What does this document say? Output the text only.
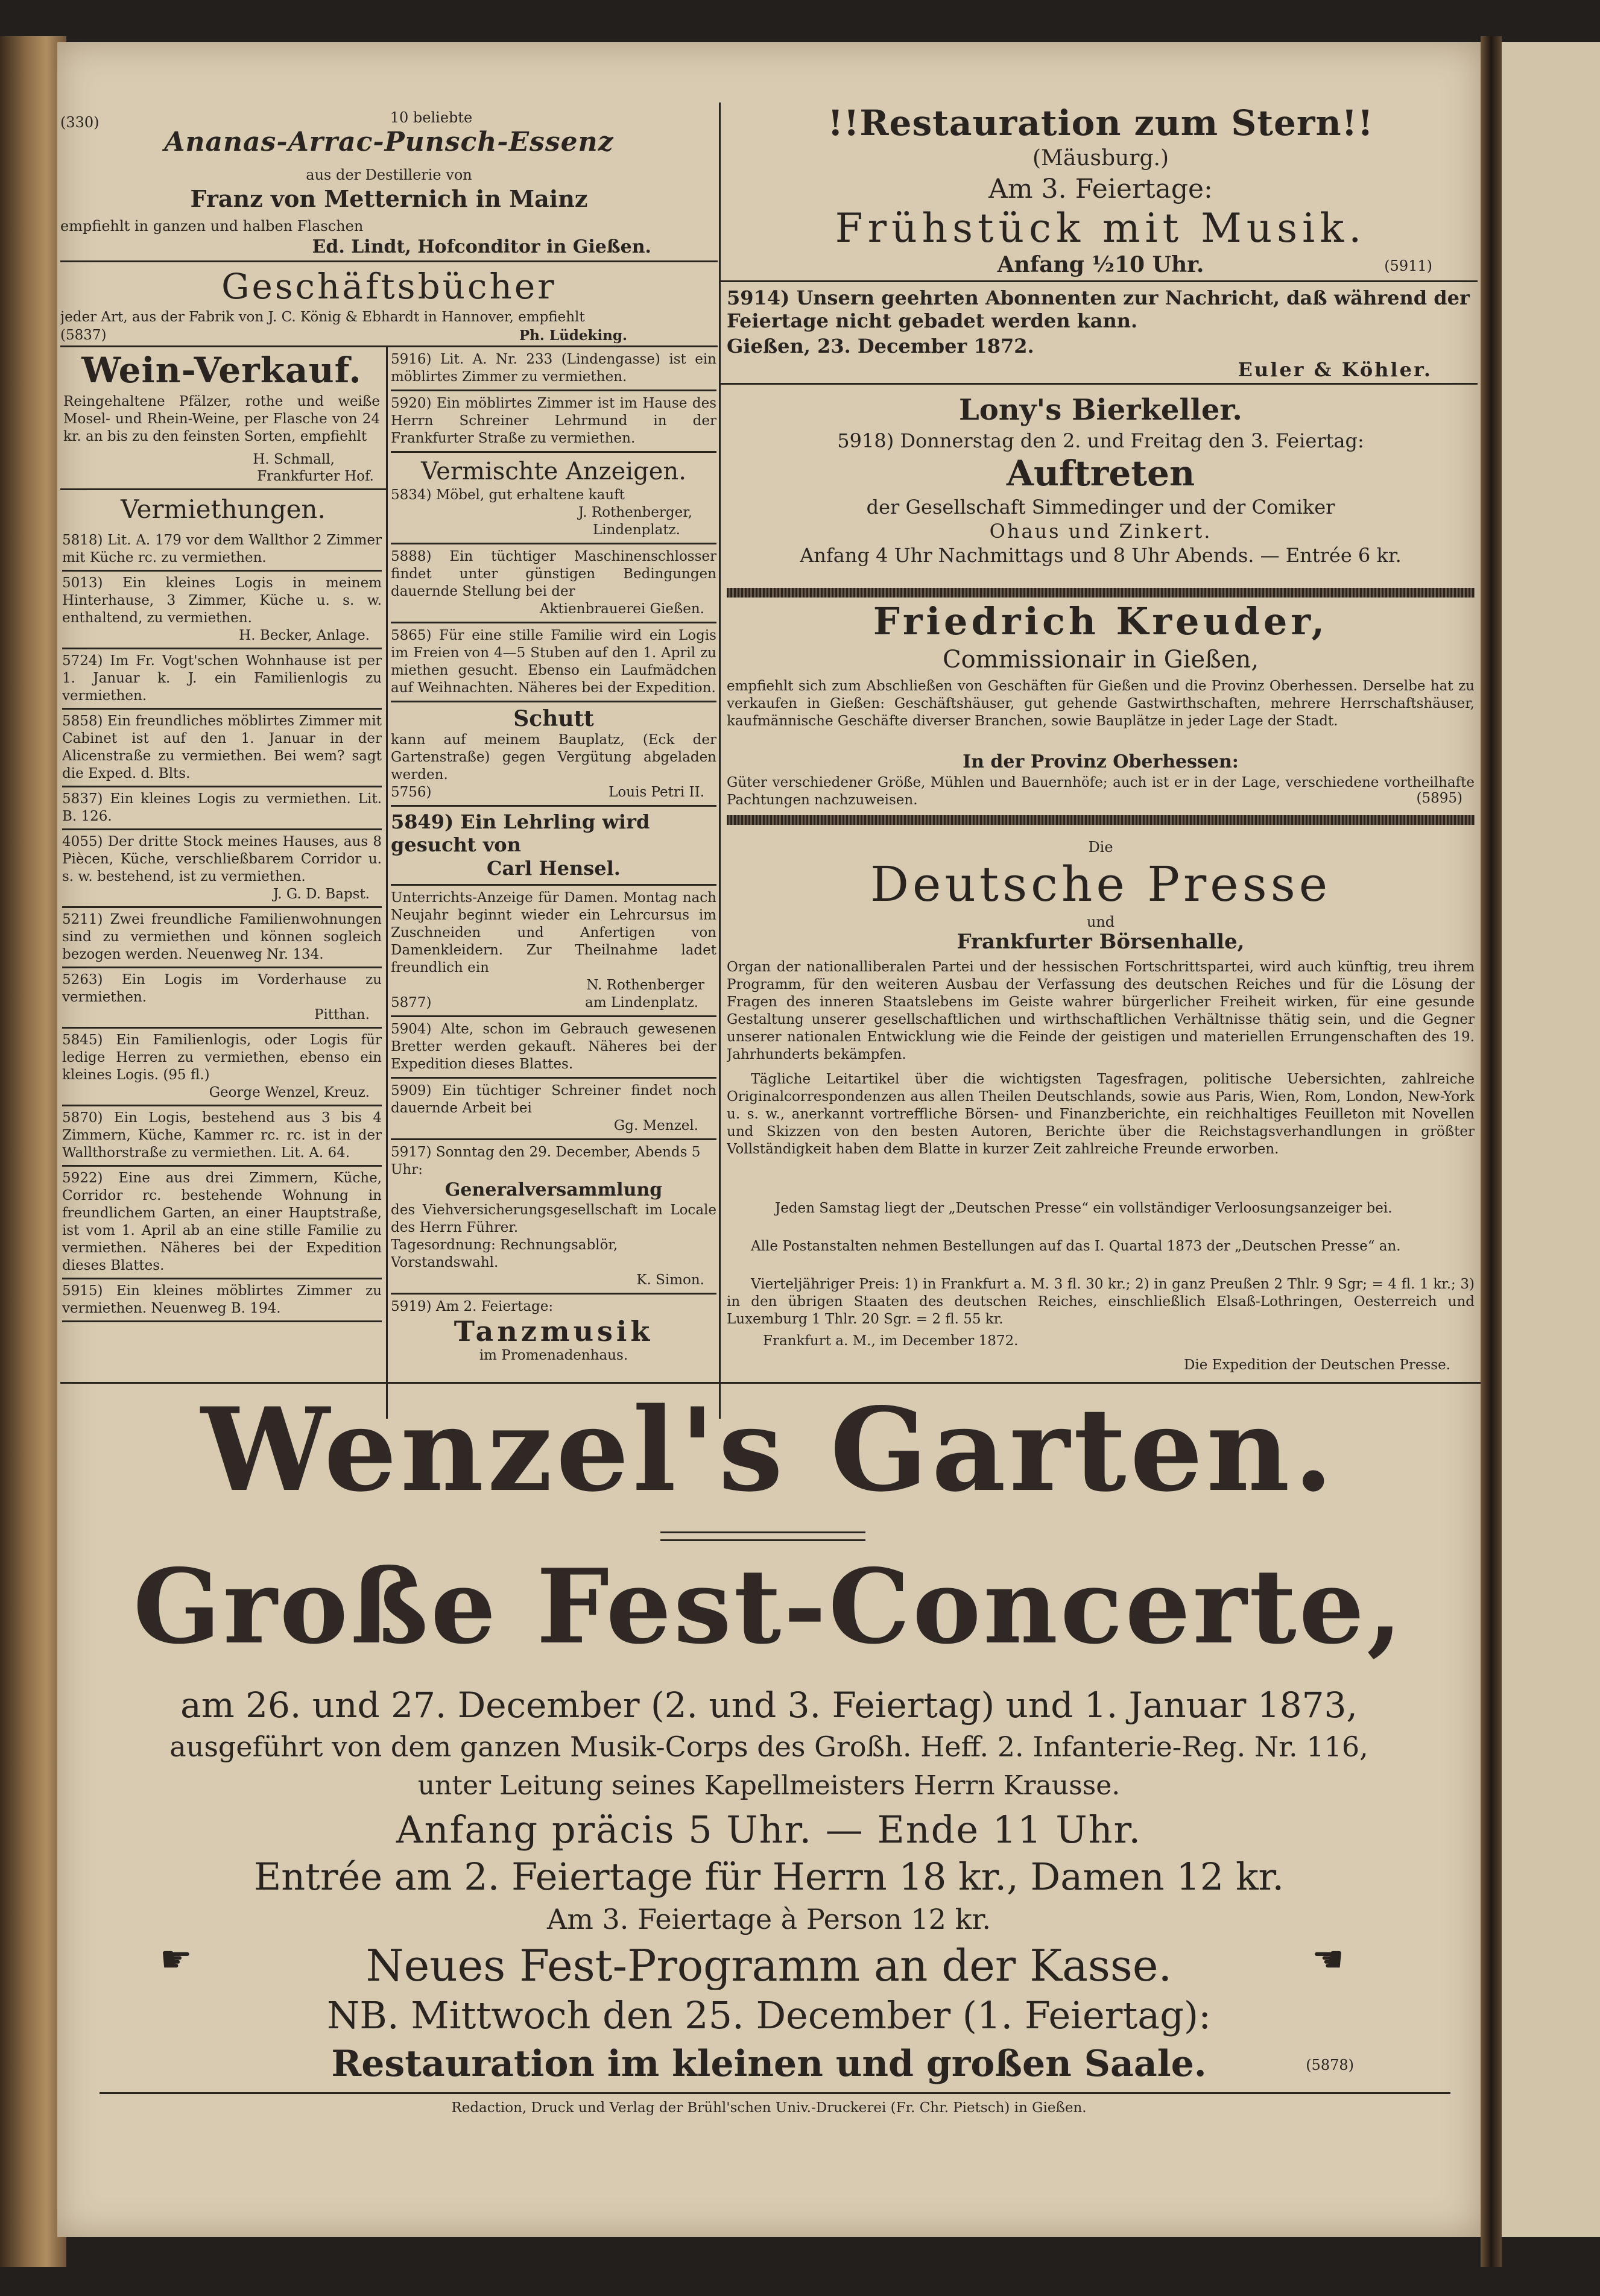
(330)	10 beliebte
Ananas-Arrac-Punsch-Essenz
aus der Destillerie von
Franz von Metternich in Mainz
empfiehlt in ganzen und halben Flaschen
Ed. Lindt, Hofconditor in Gießen.
Geschäftsbücher
jeder Art, aus der Fabrik von J. C. König & Ebhardt in Hannover, empfiehlt
(5837)	Ph. Lüdeking.
Wein-Verkauf.
Reingehaltene Pfälzer, rothe und weiße Mosel- und Rhein-Weine, per Flasche von 24 kr. an bis zu den feinsten Sorten, empfiehlt
H. Schmall,
Frankfurter Hof.
Vermiethungen.

5818) Lit. A. 179 vor dem Wallthor 2 Zimmer mit Küche rc. zu vermiethen.

5013) Ein kleines Logis in meinem Hinterhause, 3 Zimmer, Küche u. s. w. enthaltend, zu vermiethen.

H. Becker, Anlage.

5724) Im Fr. Vogt'schen Wohnhause ist per 1. Januar k. J. ein Familienlogis zu vermiethen.

5858) Ein freundliches möblirtes Zimmer mit Cabinet ist auf den 1. Januar in der Alicenstraße zu vermiethen. Bei wem? sagt die Exped. d. Blts.

5837) Ein kleines Logis zu vermiethen. Lit. B. 126.

4055) Der dritte Stock meines Hauses, aus 8 Piècen, Küche, verschließbarem Corridor u. s. w. bestehend, ist zu vermiethen.

J. G. D. Bapst.

5211) Zwei freundliche Familienwohnungen sind zu vermiethen und können sogleich bezogen werden. Neuenweg Nr. 134.

5263) Ein Logis im Vorderhause zu vermiethen.

Pitthan.

5845) Ein Familienlogis, oder Logis für ledige Herren zu vermiethen, ebenso ein kleines Logis. (95 fl.)

George Wenzel, Kreuz.

5870) Ein Logis, bestehend aus 3 bis 4 Zimmern, Küche, Kammer rc. rc. ist in der Wallthorstraße zu vermiethen. Lit. A. 64.

5922) Eine aus drei Zimmern, Küche, Corridor rc. bestehende Wohnung in freundlichem Garten, an einer Hauptstraße, ist vom 1. April ab an eine stille Familie zu vermiethen. Näheres bei der Expedition dieses Blattes.

5915) Ein kleines möblirtes Zimmer zu vermiethen. Neuenweg B. 194.

5916) Lit. A. Nr. 233 (Lindengasse) ist ein möblirtes Zimmer zu vermiethen.

5920) Ein möblirtes Zimmer ist im Hause des Herrn Schreiner Lehrmund in der Frankfurter Straße zu vermiethen.

Vermischte Anzeigen.

5834) Möbel, gut erhaltene kauft

J. Rothenberger,

Lindenplatz.

5888) Ein tüchtiger Maschinenschlosser findet unter günstigen Bedingungen dauernde Stellung bei der

Aktienbrauerei Gießen.

5865) Für eine stille Familie wird ein Logis im Freien von 4—5 Stuben auf den 1. April zu miethen gesucht. Ebenso ein Laufmädchen auf Weihnachten. Näheres bei der Expedition.

Schutt

kann auf meinem Bauplatz, (Eck der Gartenstraße) gegen Vergütung abgeladen werden.

5756)	Louis Petri II.

5849) Ein Lehrling wird gesucht von

Carl Hensel.

Unterrichts-Anzeige für Damen. Montag nach Neujahr beginnt wieder ein Lehrcursus im Zuschneiden und Anfertigen von Damenkleidern. Zur Theilnahme ladet freundlich ein

N. Rothenberger

5877)	am Lindenplatz.

5904) Alte, schon im Gebrauch gewesenen Bretter werden gekauft. Näheres bei der Expedition dieses Blattes.

5909) Ein tüchtiger Schreiner findet noch dauernde Arbeit bei

Gg. Menzel.

5917) Sonntag den 29. December, Abends 5 Uhr:

Generalversammlung

des Viehversicherungsgesellschaft im Locale des Herrn Führer.

Tagesordnung: Rechnungsablör, Vorstandswahl.

K. Simon.

5919) Am 2. Feiertage:

Tanzmusik

im Promenadenhaus.

!!Restauration zum Stern!!
(Mäusburg.)
Am 3. Feiertage:
Frühstück mit Musik.
Anfang ½10 Uhr.	(5911)
5914) Unsern geehrten Abonnenten zur Nachricht, daß während der Feiertage nicht gebadet werden kann.
Gießen, 23. December 1872.
Euler & Köhler.
Lony's Bierkeller.
5918) Donnerstag den 2. und Freitag den 3. Feiertag:
Auftreten
der Gesellschaft Simmedinger und der Comiker
Ohaus und Zinkert.
Anfang 4 Uhr Nachmittags und 8 Uhr Abends. — Entrée 6 kr.
Friedrich Kreuder,
Commissionair in Gießen,
empfiehlt sich zum Abschließen von Geschäften für Gießen und die Provinz Oberhessen. Derselbe hat zu verkaufen in Gießen: Geschäftshäuser, gut gehende Gastwirthschaften, mehrere Herrschaftshäuser, kaufmännische Geschäfte diverser Branchen, sowie Bauplätze in jeder Lage der Stadt.
In der Provinz Oberhessen:
Güter verschiedener Größe, Mühlen und Bauernhöfe; auch ist er in der Lage, verschiedene vortheilhafte Pachtungen nachzuweisen.	(5895)
Die
Deutsche Presse
und
Frankfurter Börsenhalle,
Organ der nationalliberalen Partei und der hessischen Fortschrittspartei, wird auch künftig, treu ihrem Programm, für den weiteren Ausbau der Verfassung des deutschen Reiches und für die Lösung der Fragen des inneren Staatslebens im Geiste wahrer bürgerlicher Freiheit wirken, für eine gesunde Gestaltung unserer gesellschaftlichen und wirthschaftlichen Verhältnisse thätig sein, und die Gegner unserer nationalen Entwicklung wie die Feinde der geistigen und materiellen Errungenschaften des 19. Jahrhunderts bekämpfen.
Tägliche Leitartikel über die wichtigsten Tagesfragen, politische Uebersichten, zahlreiche Originalcorrespondenzen aus allen Theilen Deutschlands, sowie aus Paris, Wien, Rom, London, New-York u. s. w., anerkannt vortreffliche Börsen- und Finanzberichte, ein reichhaltiges Feuilleton mit Novellen und Skizzen von den besten Autoren, Berichte über die Reichstagsverhandlungen in größter Vollständigkeit haben dem Blatte in kurzer Zeit zahlreiche Freunde erworben.
Jeden Samstag liegt der „Deutschen Presse“ ein vollständiger Verloosungsanzeiger bei.
Alle Postanstalten nehmen Bestellungen auf das I. Quartal 1873 der „Deutschen Presse“ an.
Vierteljähriger Preis: 1) in Frankfurt a. M. 3 fl. 30 kr.; 2) in ganz Preußen 2 Thlr. 9 Sgr; = 4 fl. 1 kr.; 3) in den übrigen Staaten des deutschen Reiches, einschließlich Elsaß-Lothringen, Oesterreich und Luxemburg 1 Thlr. 20 Sgr. = 2 fl. 55 kr.
Frankfurt a. M., im December 1872.
Die Expedition der Deutschen Presse.
Wenzel's Garten.
Große Fest-Concerte,
am 26. und 27. December (2. und 3. Feiertag) und 1. Januar 1873,
ausgeführt von dem ganzen Musik-Corps des Großh. Heff. 2. Infanterie-Reg. Nr. 116,
unter Leitung seines Kapellmeisters Herrn Krausse.
Anfang präcis 5 Uhr. — Ende 11 Uhr.
Entrée am 2. Feiertage für Herrn 18 kr., Damen 12 kr.
Am 3. Feiertage à Person 12 kr.
☛	Neues Fest-Programm an der Kasse.	☚
NB. Mittwoch den 25. December (1. Feiertag):
Restauration im kleinen und großen Saale.	(5878)
Redaction, Druck und Verlag der Brühl'schen Univ.-Druckerei (Fr. Chr. Pietsch) in Gießen.
